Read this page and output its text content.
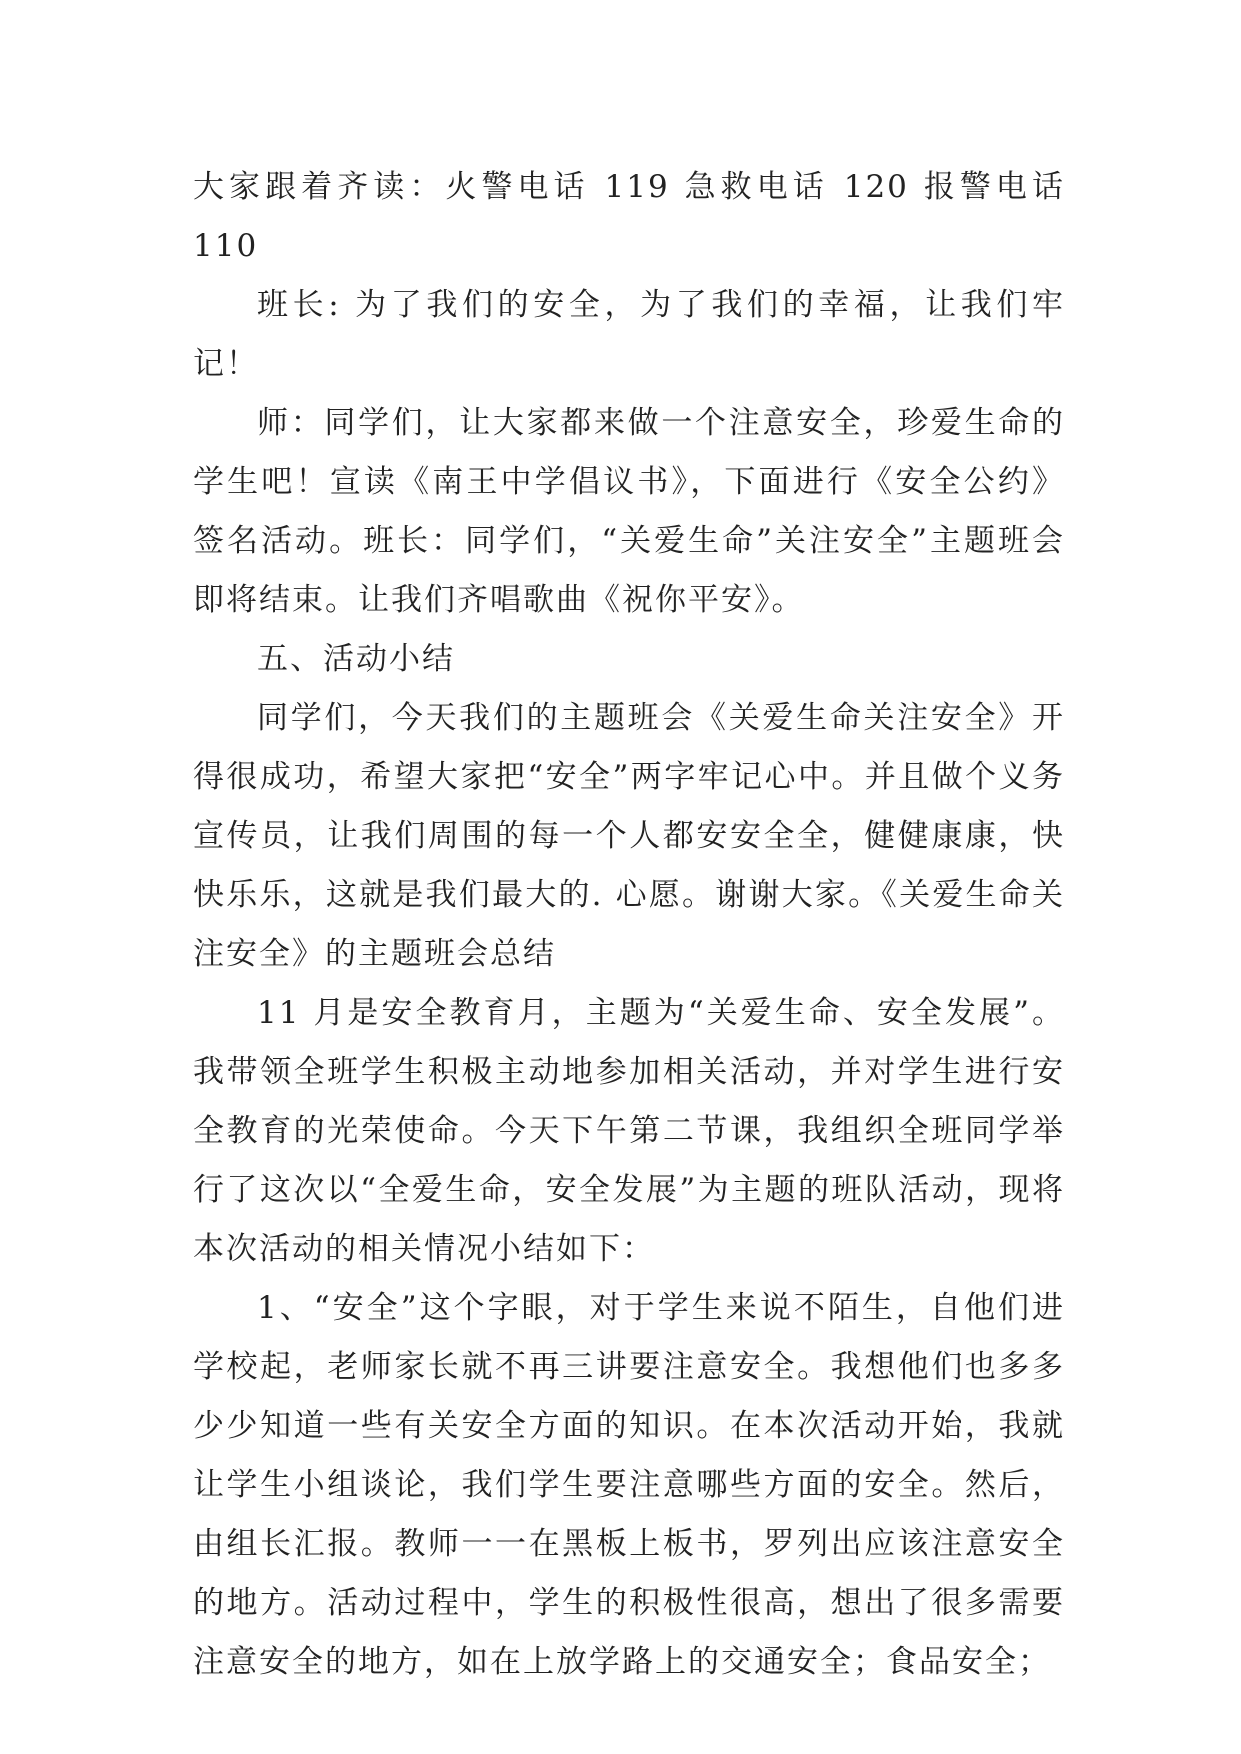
大家跟着齐读：火警电话 119 急救电话 120 报警电话 110

班长: 为了我们的安全，为了我们的幸福，让我们牢记！

师：同学们，让大家都来做一个注意安全，珍爱生命的学生吧！宣读《南王中学倡议书》，下面进行《安全公约》签名活动。班长：同学们，“关爱生命”关注安全”主题班会即将结束。让我们齐唱歌曲《祝你平安》。

五、活动小结

同学们，今天我们的主题班会《关爱生命关注安全》开得很成功，希望大家把“安全”两字牢记心中。并且做个义务宣传员，让我们周围的每一个人都安安全全，健健康康，快快乐乐，这就是我们最大的. 心愿。谢谢大家。《关爱生命关注安全》的主题班会总结

11 月是安全教育月，主题为“关爱生命、安全发展”。我带领全班学生积极主动地参加相关活动，并对学生进行安全教育的光荣使命。今天下午第二节课，我组织全班同学举行了这次以“全爱生命，安全发展”为主题的班队活动，现将本次活动的相关情况小结如下：

1、“安全”这个字眼，对于学生来说不陌生，自他们进学校起，老师家长就不再三讲要注意安全。我想他们也多多少少知道一些有关安全方面的知识。在本次活动开始，我就让学生小组谈论，我们学生要注意哪些方面的安全。然后，由组长汇报。教师一一在黑板上板书，罗列出应该注意安全的地方。活动过程中，学生的积极性很高，想出了很多需要注意安全的地方，如在上放学路上的交通安全；食品安全；
